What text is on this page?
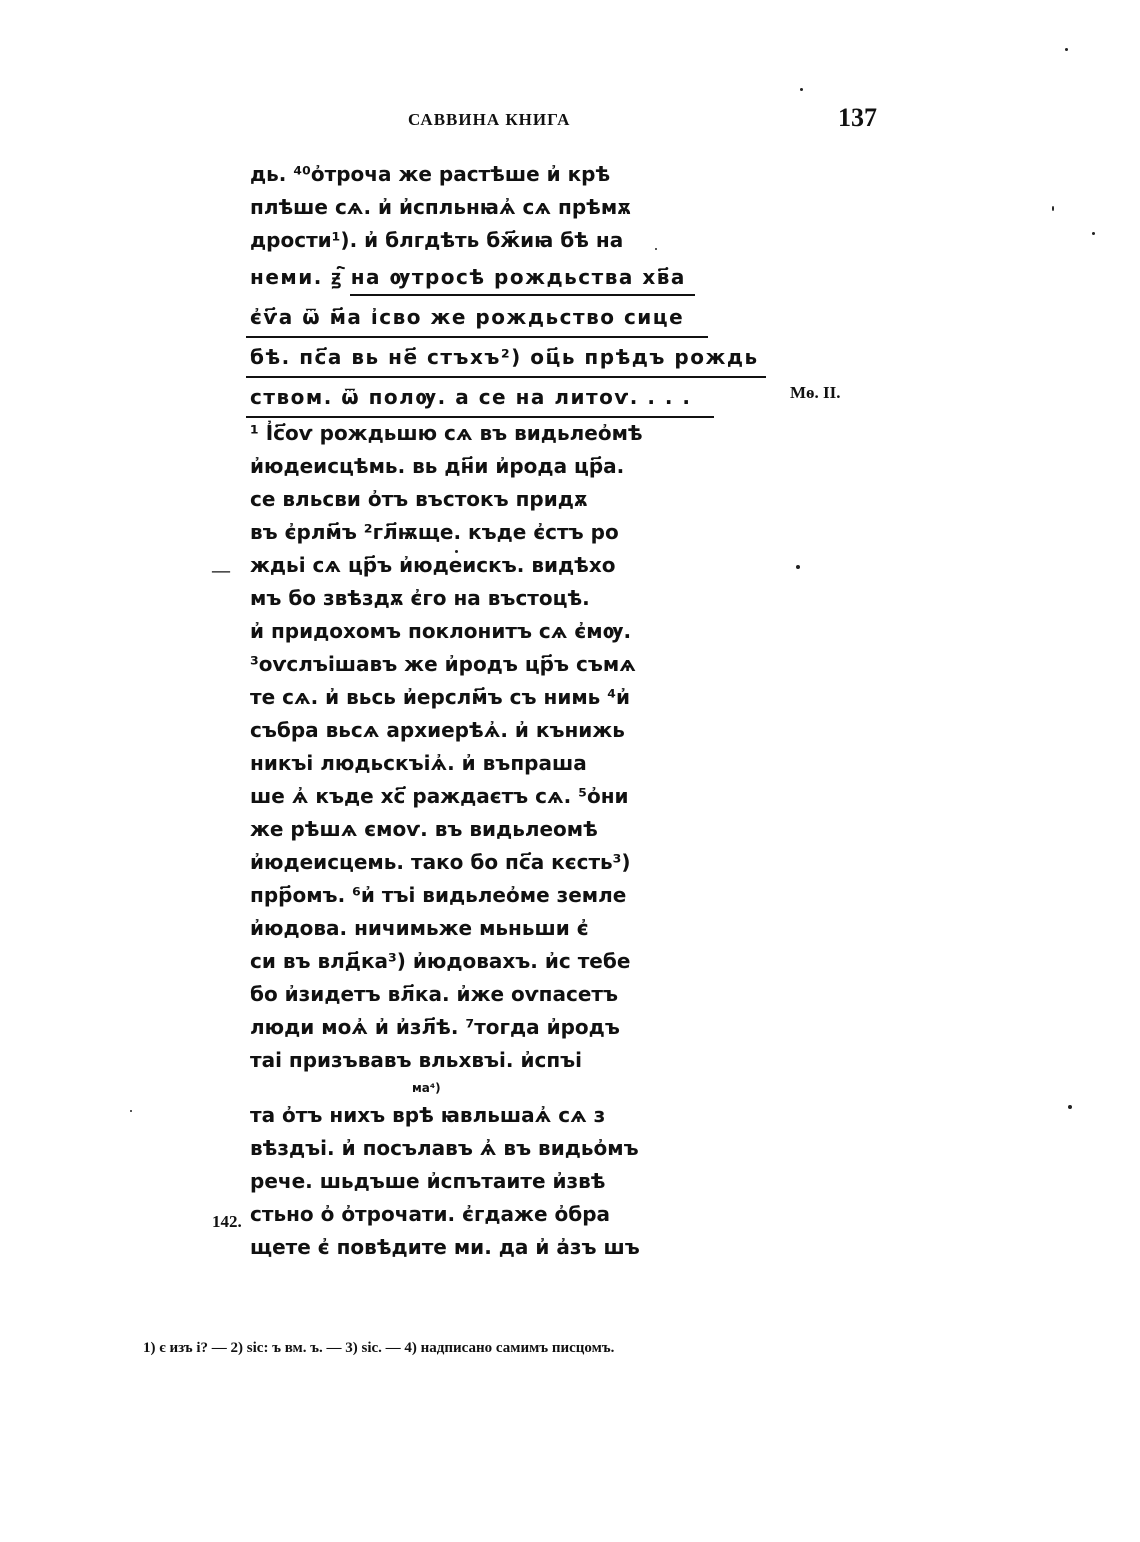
САВВИНА КНИГА	137
дь. ⁴⁰о҆троча же растѣше и҆ крѣ
плѣше сѧ. и҆ и҆спльнꙗѧ҆ сѧ прѣмѫ
дрости¹). и҆ блгдѣть бж҃иꙗ бѣ на
неми. ꙃ҇ на ѹтросѣ рождьства хв҃а
є҆ѵ҃а ѿ м҃а і҆сво же рождьство сице
бѣ. пс҃а вь не҃ стъхъ²) оц҃ь прѣдъ рождь
ством. ѿ полѹ. а се на литоѵ. . . .
¹ І҆с҃оѵ рождьшю сѧ въ видьлео҆мѣ
и҆юдеисцѣмь. вь дн҃и и҆рода цр҃а.
се вльсви о҆тъ въстокъ придѫ
въ є҆рлм҃ъ ²гл҃ѭще. къде є҆стъ ро
ждьі сѧ цр҃ъ и҆юдеискъ. видѣхо
мъ бо звѣздѫ є҆го на въстоцѣ.
и҆ придохомъ поклонитъ сѧ є҆мѹ.
³оѵслъішавъ же и҆родъ цр҃ъ съмѧ
те сѧ. и҆ вьсь и҆ерслм҃ъ съ нимь ⁴и҆
събра вьсѧ архиерѣѧ҆. и҆ кънижь
никъі людьскъіѧ҆. и҆ въпраша
ше ѧ҆ къде хс҃ раждаєтъ сѧ. ⁵о҆ни
же рѣшѧ ємоѵ. въ видьлеомѣ
и҆юдеисцемь. тако бо пс҃а кєсть³)
прр҃омъ. ⁶и҆ тъі видьлео҆ме земле
и҆юдова. ничимьже мьньши є҆
си въ влд҃ка³) и҆юдовахъ. и҆с тебе
бо и҆зидетъ вл҃ка. и҆же оѵпасетъ
люди моѧ҆ и҆ и҆зл҃ѣ. ⁷тогда и҆родъ
таі призъвавъ вльхвъі. и҆спъі
ма⁴)
та о҆тъ нихъ врѣ ꙗвльшаѧ҆ сѧ з
вѣздъі. и҆ посълавъ ѧ҆ въ видьо҆мъ
рече. шьдъше и҆спътаите и҆звѣ
стьно о҆ о҆трочати. є҆гдаже о҆бра
щете є҆ повѣдите ми. да и҆ а҆зъ шъ
—
142.
Мѳ. II.
1) є изъ і? — 2) sic: ъ вм. ъ. — 3) sic. — 4) надписано самимъ писцомъ.
